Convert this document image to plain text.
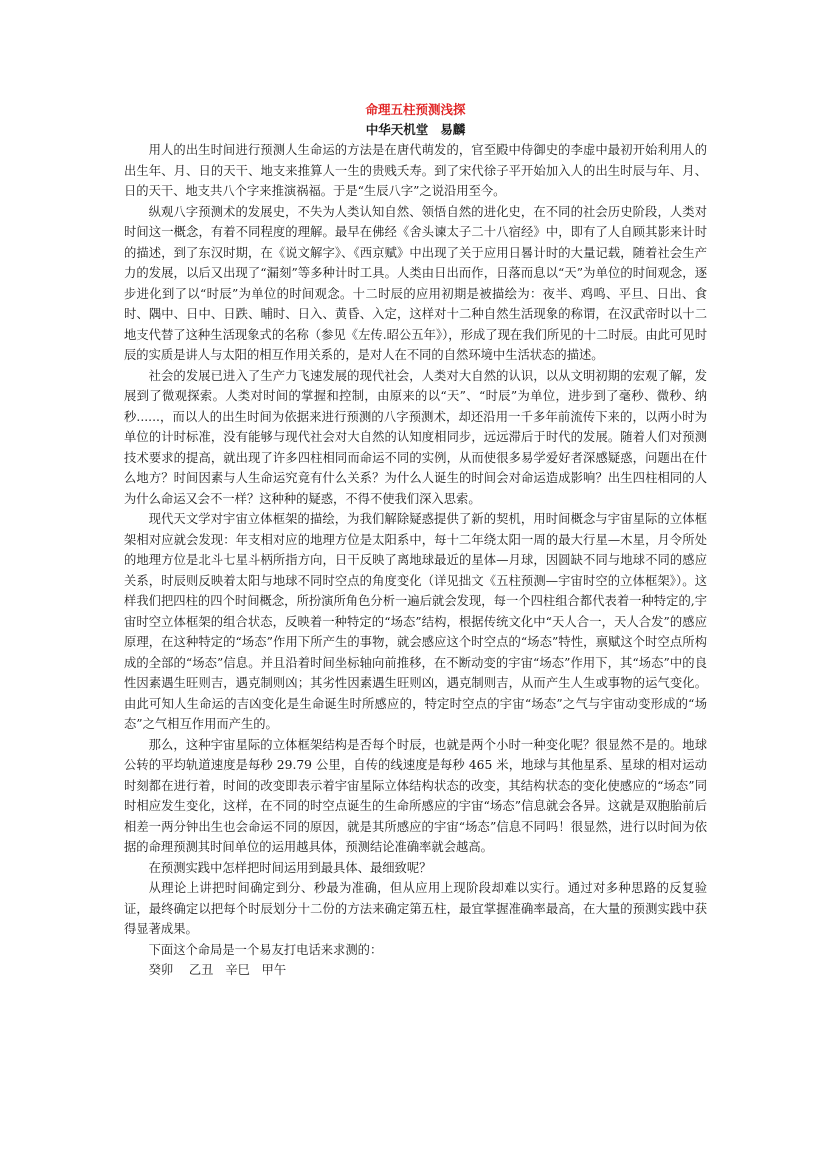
命理五柱预测浅探
中华天机堂 易麟

用人的出生时间进行预测人生命运的方法是在唐代萌发的，官至殿中侍御史的李虚中最初开始利用人的出生年、月、日的天干、地支来推算人一生的贵贱夭寿。到了宋代徐子平开始加入人的出生时辰与年、月、日的天干、地支共八个字来推演祸福。于是“生辰八字”之说沿用至今。

纵观八字预测术的发展史，不失为人类认知自然、领悟自然的进化史，在不同的社会历史阶段，人类对时间这一概念，有着不同程度的理解。最早在佛经《舍头谏太子二十八宿经》中，即有了人自顾其影来计时的描述，到了东汉时期，在《说文解字》、《西京赋》中出现了关于应用日晷计时的大量记载，随着社会生产力的发展，以后又出现了“漏刻”等多种计时工具。人类由日出而作，日落而息以“天”为单位的时间观念，逐步进化到了以“时辰”为单位的时间观念。十二时辰的应用初期是被描绘为：夜半、鸡鸣、平旦、日出、食时、隅中、日中、日跌、晡时、日入、黄昏、入定，这样对十二种自然生活现象的称谓，在汉武帝时以十二地支代替了这种生活现象式的名称（参见《左传.昭公五年》），形成了现在我们所见的十二时辰。由此可见时辰的实质是讲人与太阳的相互作用关系的，是对人在不同的自然环境中生活状态的描述。

社会的发展已进入了生产力飞速发展的现代社会，人类对大自然的认识，以从文明初期的宏观了解，发展到了微观探索。人类对时间的掌握和控制，由原来的以“天”、“时辰”为单位，进步到了毫秒、微秒、纳秒......，而以人的出生时间为依据来进行预测的八字预测术，却还沿用一千多年前流传下来的，以两小时为单位的计时标准，没有能够与现代社会对大自然的认知度相同步，远远滞后于时代的发展。随着人们对预测技术要求的提高，就出现了许多四柱相同而命运不同的实例，从而使很多易学爱好者深感疑惑，问题出在什么地方？时间因素与人生命运究竟有什么关系？为什么人诞生的时间会对命运造成影响？出生四柱相同的人为什么命运又会不一样？这种种的疑惑，不得不使我们深入思索。

现代天文学对宇宙立体框架的描绘，为我们解除疑惑提供了新的契机，用时间概念与宇宙星际的立体框架相对应就会发现：年支相对应的地理方位是太阳系中，每十二年绕太阳一周的最大行星—木星，月令所处的地理方位是北斗七星斗柄所指方向，日干反映了离地球最近的星体—月球，因圆缺不同与地球不同的感应关系，时辰则反映着太阳与地球不同时空点的角度变化（详见拙文《五柱预测—宇宙时空的立体框架》）。这样我们把四柱的四个时间概念，所扮演所角色分析一遍后就会发现，每一个四柱组合都代表着一种特定的,宇宙时空立体框架的组合状态，反映着一种特定的“场态”结构，根据传统文化中“天人合一，天人合发”的感应原理，在这种特定的“场态”作用下所产生的事物，就会感应这个时空点的“场态”特性，禀赋这个时空点所构成的全部的“场态”信息。并且沿着时间坐标轴向前推移，在不断动变的宇宙“场态”作用下，其“场态”中的良性因素遇生旺则吉，遇克制则凶；其劣性因素遇生旺则凶，遇克制则吉，从而产生人生或事物的运气变化。由此可知人生命运的吉凶变化是生命诞生时所感应的，特定时空点的宇宙“场态”之气与宇宙动变形成的“场态”之气相互作用而产生的。

那么，这种宇宙星际的立体框架结构是否每个时辰，也就是两个小时一种变化呢？很显然不是的。地球公转的平均轨道速度是每秒 29.79 公里，自传的线速度是每秒 465 米，地球与其他星系、星球的相对运动时刻都在进行着，时间的改变即表示着宇宙星际立体结构状态的改变，其结构状态的变化使感应的“场态”同时相应发生变化，这样，在不同的时空点诞生的生命所感应的宇宙“场态”信息就会各异。这就是双胞胎前后相差一两分钟出生也会命运不同的原因，就是其所感应的宇宙“场态”信息不同吗！很显然，进行以时间为依据的命理预测其时间单位的运用越具体，预测结论准确率就会越高。

在预测实践中怎样把时间运用到最具体、最细致呢？

从理论上讲把时间确定到分、秒最为准确，但从应用上现阶段却难以实行。通过对多种思路的反复验证，最终确定以把每个时辰划分十二份的方法来确定第五柱，最宜掌握准确率最高，在大量的预测实践中获得显著成果。

下面这个命局是一个易友打电话来求测的：

癸卯 乙丑 辛巳 甲午
